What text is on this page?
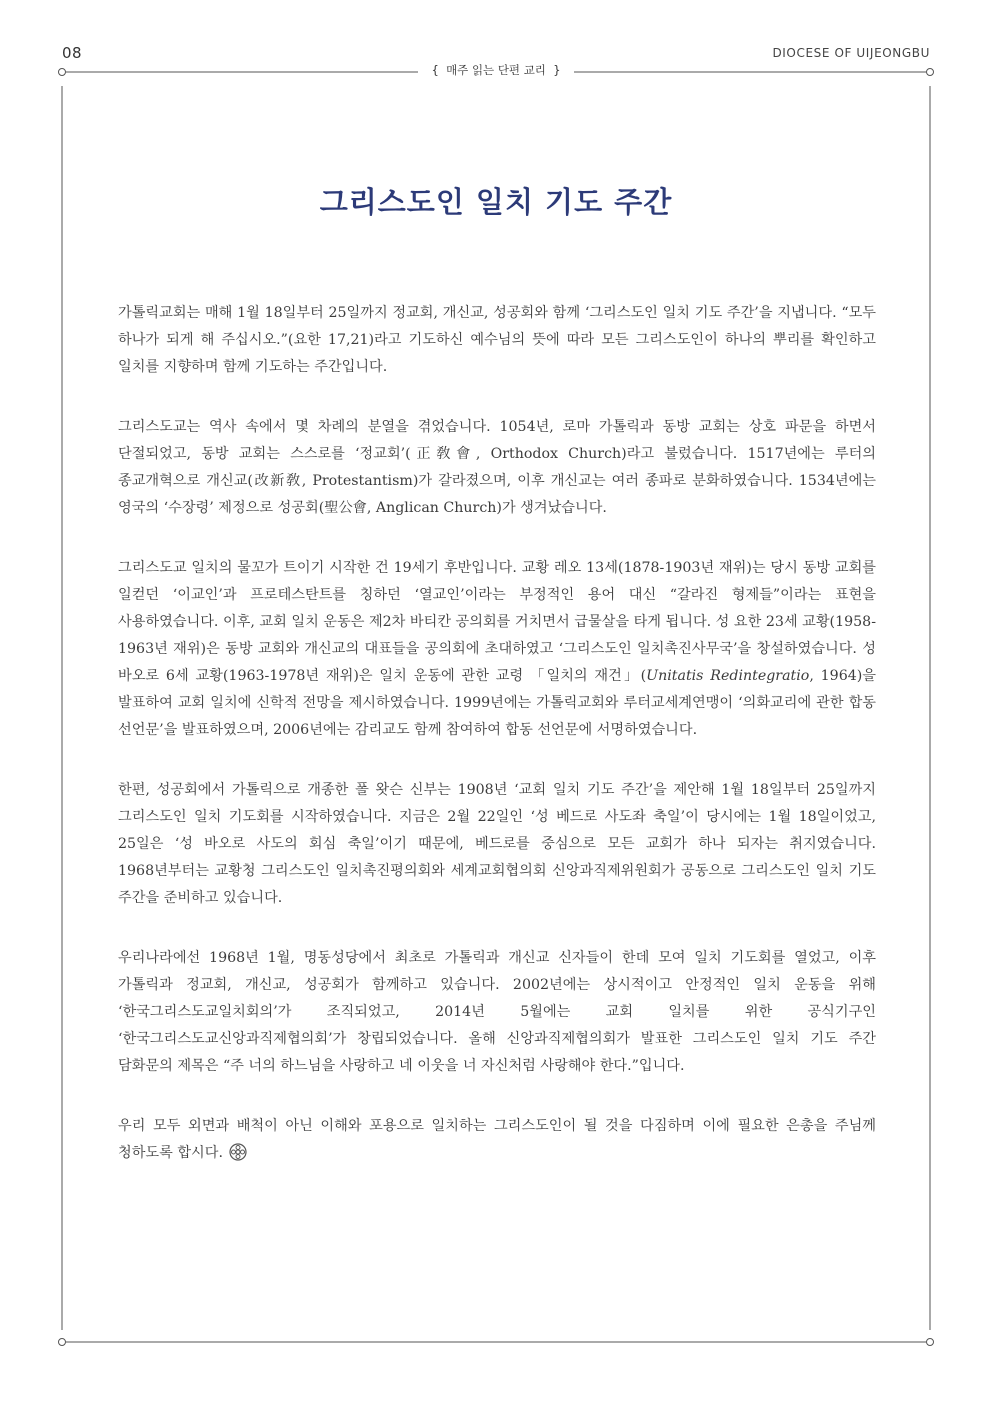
08	DIOCESE OF UIJEONGBU
{ 매주 읽는 단편 교리 }
그리스도인 일치 기도 주간

가톨릭교회는 매해 1월 18일부터 25일까지 정교회, 개신교, 성공회와 함께 ‘그리스도인 일치 기도 주간’을 지냅니다. “모두 하나가 되게 해 주십시오.”(요한 17,21)라고 기도하신 예수님의 뜻에 따라 모든 그리스도인이 하나의 뿌리를 확인하고 일치를 지향하며 함께 기도하는 주간입니다.

그리스도교는 역사 속에서 몇 차례의 분열을 겪었습니다. 1054년, 로마 가톨릭과 동방 교회는 상호 파문을 하면서 단절되었고, 동방 교회는 스스로를 ‘정교회’(正敎會, Orthodox Church)라고 불렀습니다. 1517년에는 루터의 종교개혁으로 개신교(改新敎, Protestantism)가 갈라졌으며, 이후 개신교는 여러 종파로 분화하였습니다. 1534년에는 영국의 ‘수장령’ 제정으로 성공회(聖公會, Anglican Church)가 생겨났습니다.

그리스도교 일치의 물꼬가 트이기 시작한 건 19세기 후반입니다. 교황 레오 13세(1878-1903년 재위)는 당시 동방 교회를 일컫던 ‘이교인’과 프로테스탄트를 칭하던 ‘열교인’이라는 부정적인 용어 대신 “갈라진 형제들”이라는 표현을 사용하였습니다. 이후, 교회 일치 운동은 제2차 바티칸 공의회를 거치면서 급물살을 타게 됩니다. 성 요한 23세 교황(1958-1963년 재위)은 동방 교회와 개신교의 대표들을 공의회에 초대하였고 ‘그리스도인 일치촉진사무국’을 창설하였습니다. 성 바오로 6세 교황(1963-1978년 재위)은 일치 운동에 관한 교령 「일치의 재건」(Unitatis Redintegratio, 1964)을 발표하여 교회 일치에 신학적 전망을 제시하였습니다. 1999년에는 가톨릭교회와 루터교세계연맹이 ‘의화교리에 관한 합동 선언문’을 발표하였으며, 2006년에는 감리교도 함께 참여하여 합동 선언문에 서명하였습니다.

한편, 성공회에서 가톨릭으로 개종한 폴 왓슨 신부는 1908년 ‘교회 일치 기도 주간’을 제안해 1월 18일부터 25일까지 그리스도인 일치 기도회를 시작하였습니다. 지금은 2월 22일인 ‘성 베드로 사도좌 축일’이 당시에는 1월 18일이었고, 25일은 ‘성 바오로 사도의 회심 축일’이기 때문에, 베드로를 중심으로 모든 교회가 하나 되자는 취지였습니다. 1968년부터는 교황청 그리스도인 일치촉진평의회와 세계교회협의회 신앙과직제위원회가 공동으로 그리스도인 일치 기도 주간을 준비하고 있습니다.

우리나라에선 1968년 1월, 명동성당에서 최초로 가톨릭과 개신교 신자들이 한데 모여 일치 기도회를 열었고, 이후 가톨릭과 정교회, 개신교, 성공회가 함께하고 있습니다. 2002년에는 상시적이고 안정적인 일치 운동을 위해 ‘한국그리스도교일치회의’가 조직되었고, 2014년 5월에는 교회 일치를 위한 공식기구인 ‘한국그리스도교신앙과직제협의회’가 창립되었습니다. 올해 신앙과직제협의회가 발표한 그리스도인 일치 기도 주간 담화문의 제목은 “주 너의 하느님을 사랑하고 네 이웃을 너 자신처럼 사랑해야 한다.”입니다.

우리 모두 외면과 배척이 아닌 이해와 포용으로 일치하는 그리스도인이 될 것을 다짐하며 이에 필요한 은총을 주님께 청하도록 합시다.
